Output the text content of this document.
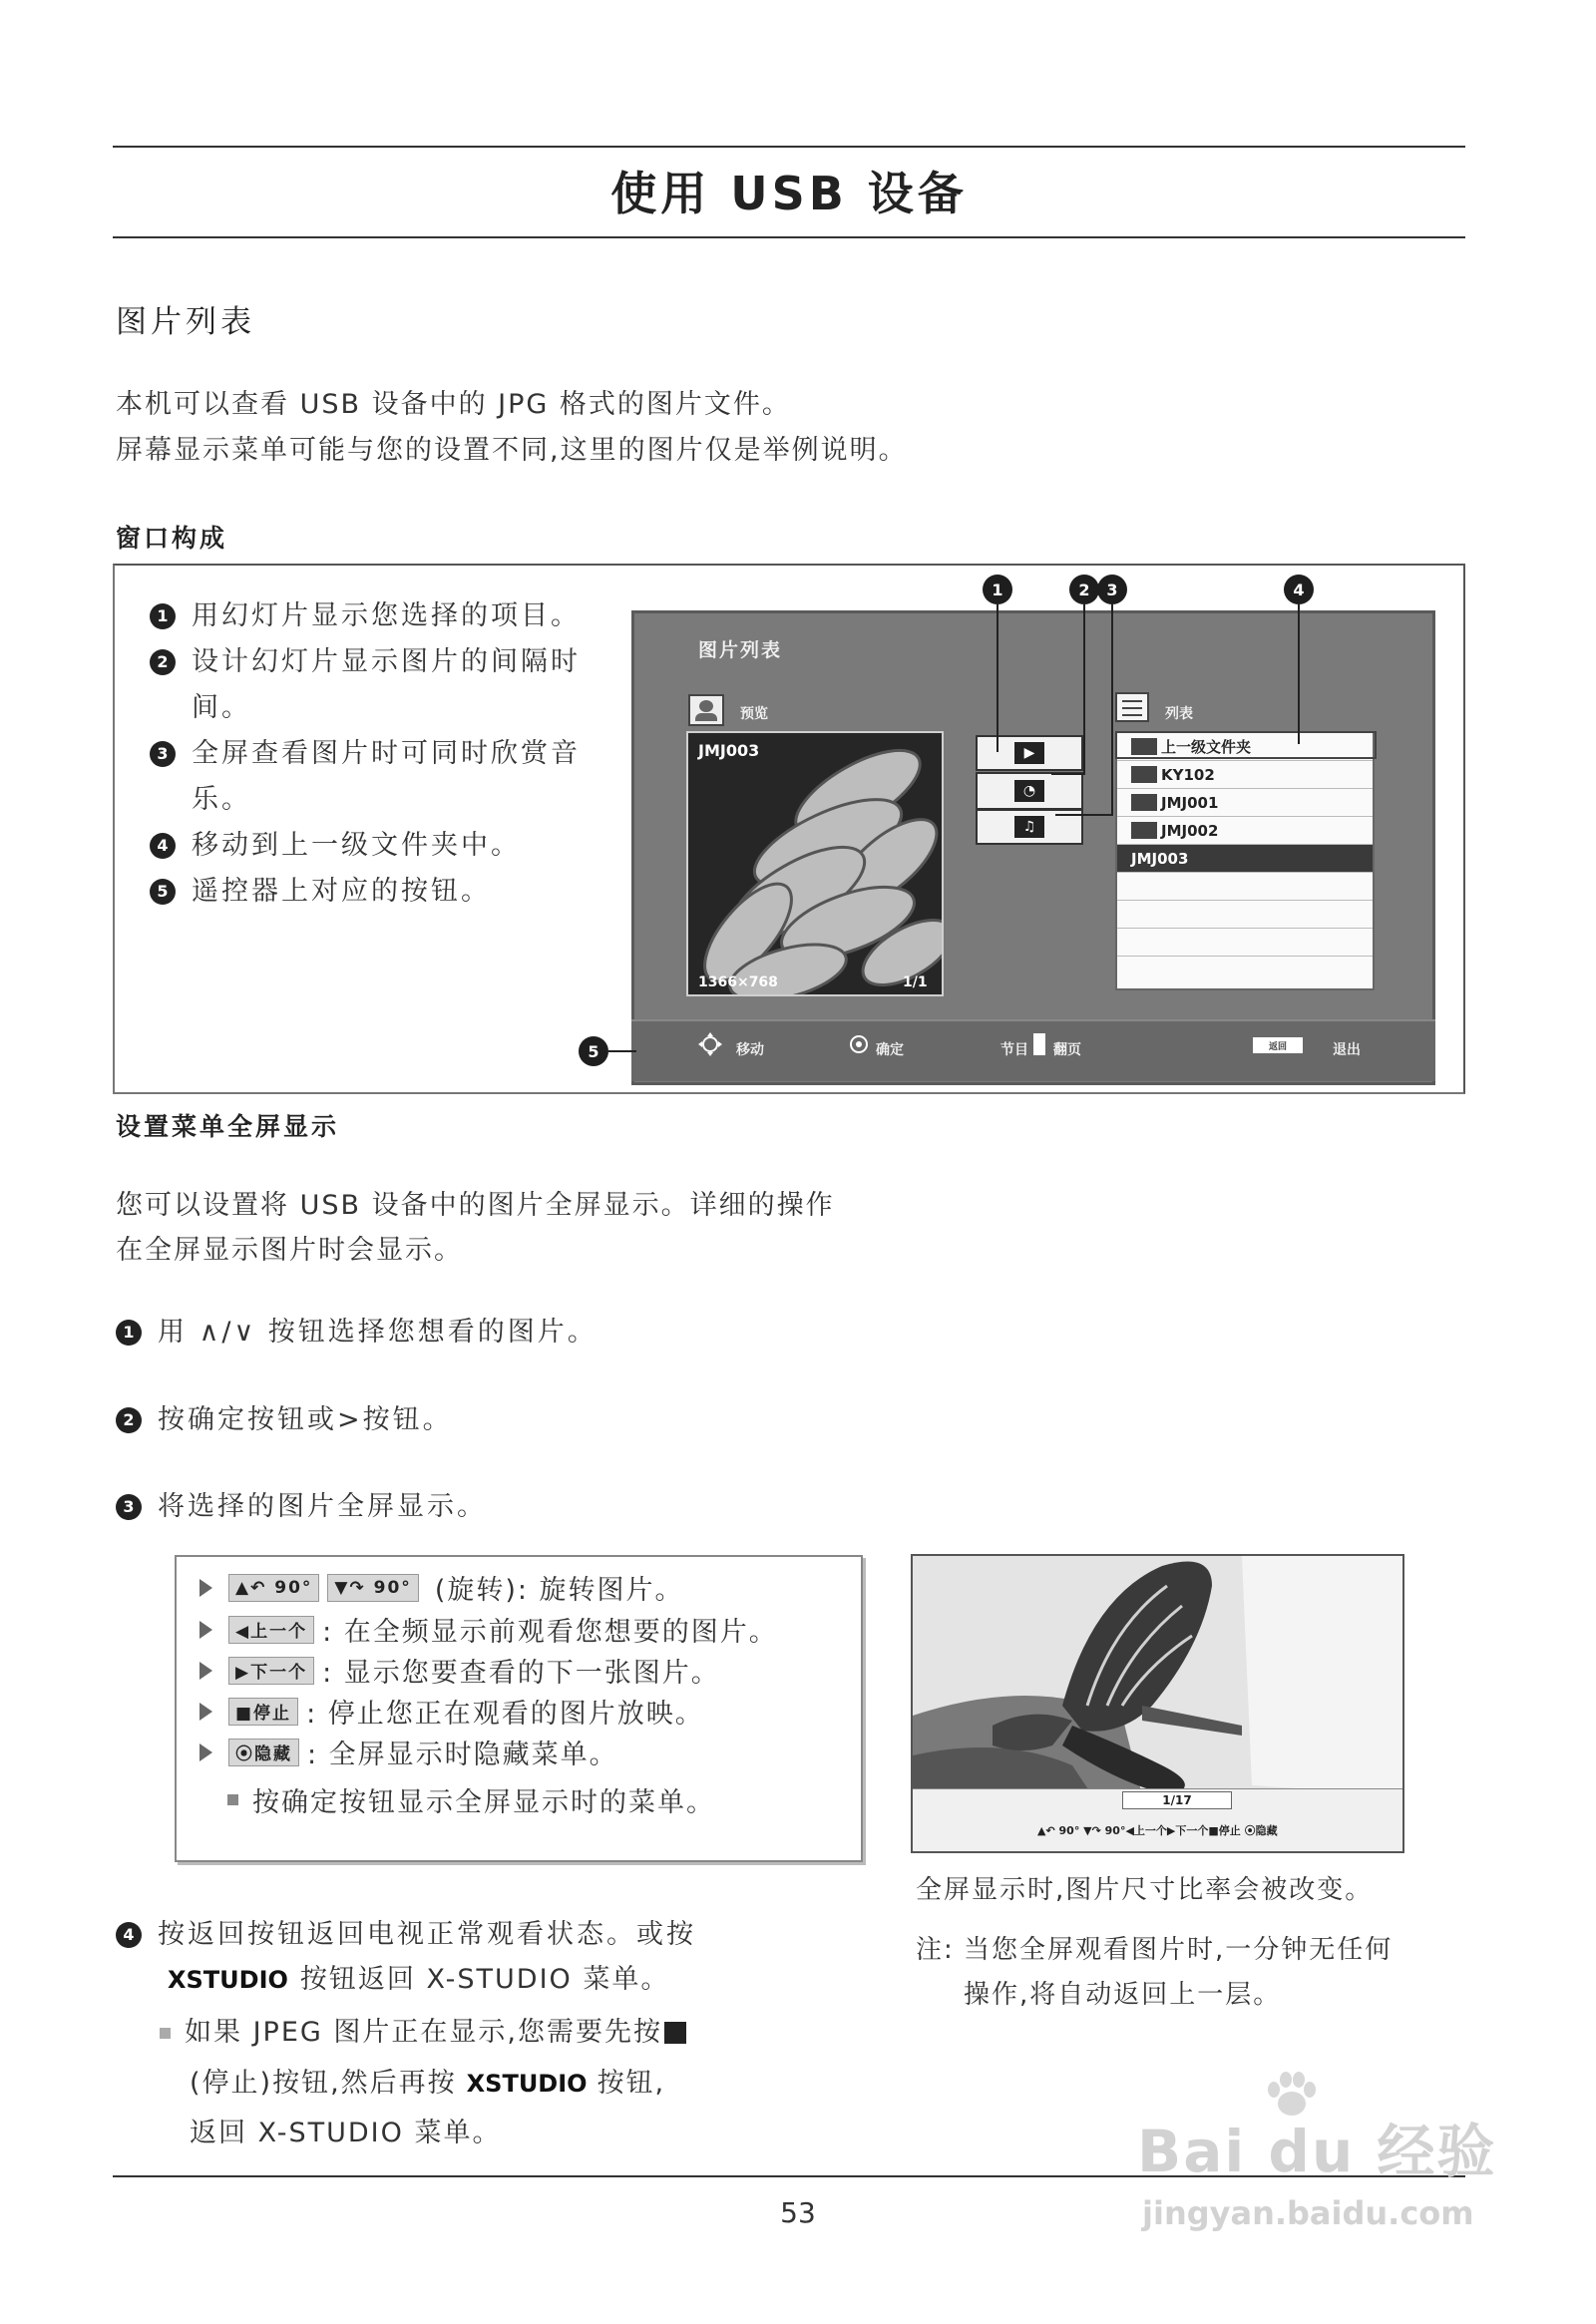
使用 USB 设备
图片列表
本机可以查看 USB 设备中的 JPG 格式的图片文件。
屏幕显示菜单可能与您的设置不同,这里的图片仅是举例说明。
窗口构成
1 用幻灯片显示您选择的项目。
2 设计幻灯片显示图片的间隔时
间。
3 全屏查看图片时可同时欣赏音
乐。
4 移动到上一级文件夹中。
5 遥控器上对应的按钮。
图片列表
预览
JMJ003
1366×768	1/1
▶
◔
♫
列表
上一级文件夹
KY102
JMJ001
JMJ002
JMJ003
移动	确定	节目 翻页	返回	退出
1	2	3	4
5
设置菜单全屏显示
您可以设置将 USB 设备中的图片全屏显示。详细的操作
在全屏显示图片时会显示。
1 用 ∧/∨ 按钮选择您想看的图片。
2 按确定按钮或>按钮。
3 将选择的图片全屏显示。
▲↶ 90°	▼↷ 90° (旋转): 旋转图片。
◀上一个 : 在全频显示前观看您想要的图片。
▶下一个 : 显示您要查看的下一张图片。
■停止 : 停止您正在观看的图片放映。
⦿隐藏 : 全屏显示时隐藏菜单。
按确定按钮显示全屏显示时的菜单。	1/17
▲↶ 90° ▼↷ 90°◀上一个▶下一个■停止 ⦿隐藏
全屏显示时,图片尺寸比率会被改变。
注: 当您全屏观看图片时,一分钟无任何
操作,将自动返回上一层。
4 按返回按钮返回电视正常观看状态。或按
XSTUDIO 按钮返回 X-STUDIO 菜单。
如果 JPEG 图片正在显示,您需要先按
(停止)按钮,然后再按 XSTUDIO 按钮,
返回 X-STUDIO 菜单。
53
Bai du 经验
jingyan.baidu.com
